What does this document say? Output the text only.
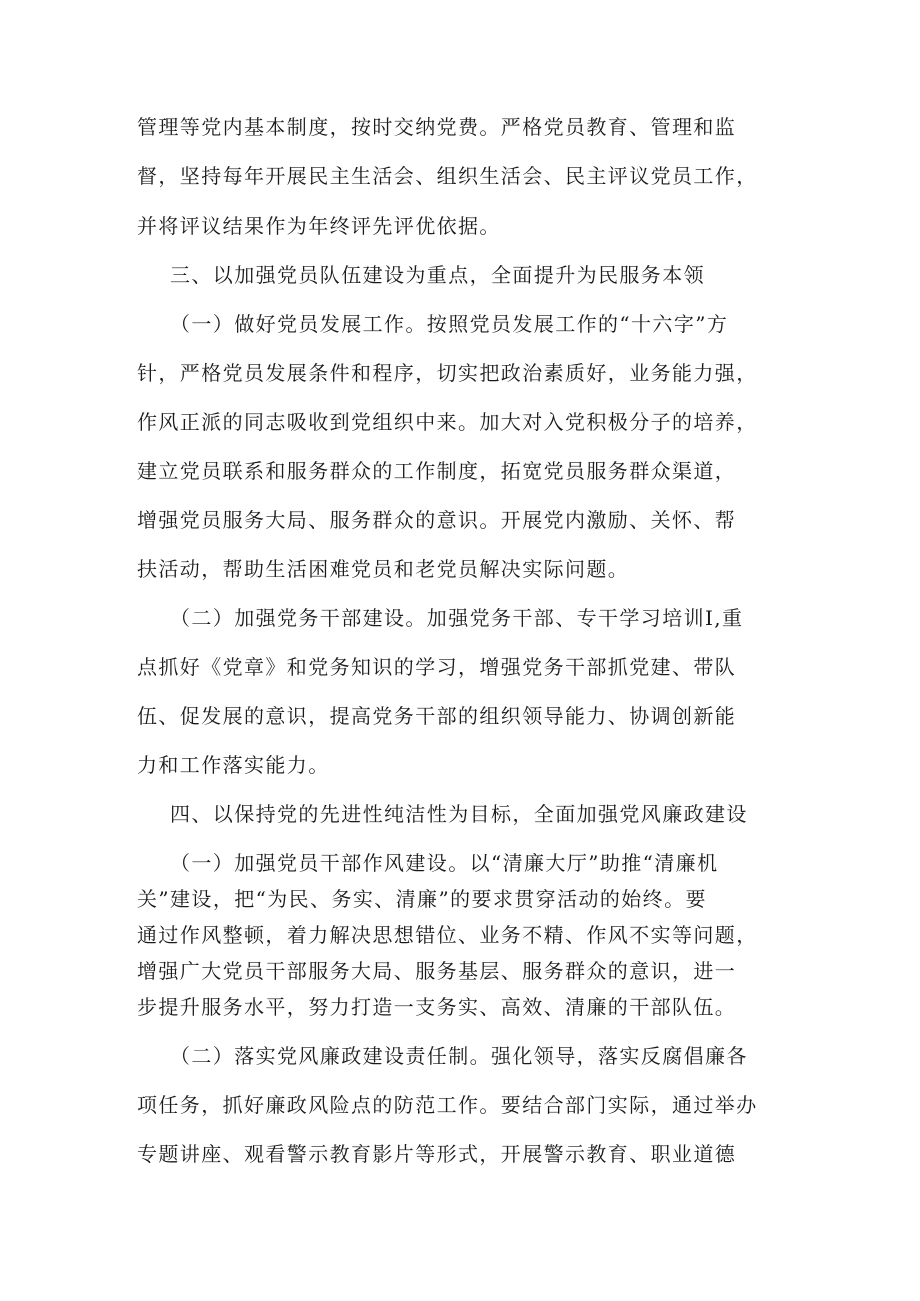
管理等党内基本制度，按时交纳党费。严格党员教育、管理和监
督，坚持每年开展民主生活会、组织生活会、民主评议党员工作，
并将评议结果作为年终评先评优依据。
三、以加强党员队伍建设为重点，全面提升为民服务本领
（一）做好党员发展工作。按照党员发展工作的“十六字”方
针，严格党员发展条件和程序，切实把政治素质好，业务能力强，
作风正派的同志吸收到党组织中来。加大对入党积极分子的培养，
建立党员联系和服务群众的工作制度，拓宽党员服务群众渠道，
增强党员服务大局、服务群众的意识。开展党内激励、关怀、帮
扶活动，帮助生活困难党员和老党员解决实际问题。
（二）加强党务干部建设。加强党务干部、专干学习培训I,重
点抓好《党章》和党务知识的学习，增强党务干部抓党建、带队
伍、促发展的意识，提高党务干部的组织领导能力、协调创新能
力和工作落实能力。
四、以保持党的先进性纯洁性为目标，全面加强党风廉政建设
（一）加强党员干部作风建设。以“清廉大厅”助推“清廉机
关”建设，把“为民、务实、清廉”的要求贯穿活动的始终。要
通过作风整顿，着力解决思想错位、业务不精、作风不实等问题，
增强广大党员干部服务大局、服务基层、服务群众的意识，进一
步提升服务水平，努力打造一支务实、高效、清廉的干部队伍。
（二）落实党风廉政建设责任制。强化领导，落实反腐倡廉各
项任务，抓好廉政风险点的防范工作。要结合部门实际，通过举办
专题讲座、观看警示教育影片等形式，开展警示教育、职业道德
